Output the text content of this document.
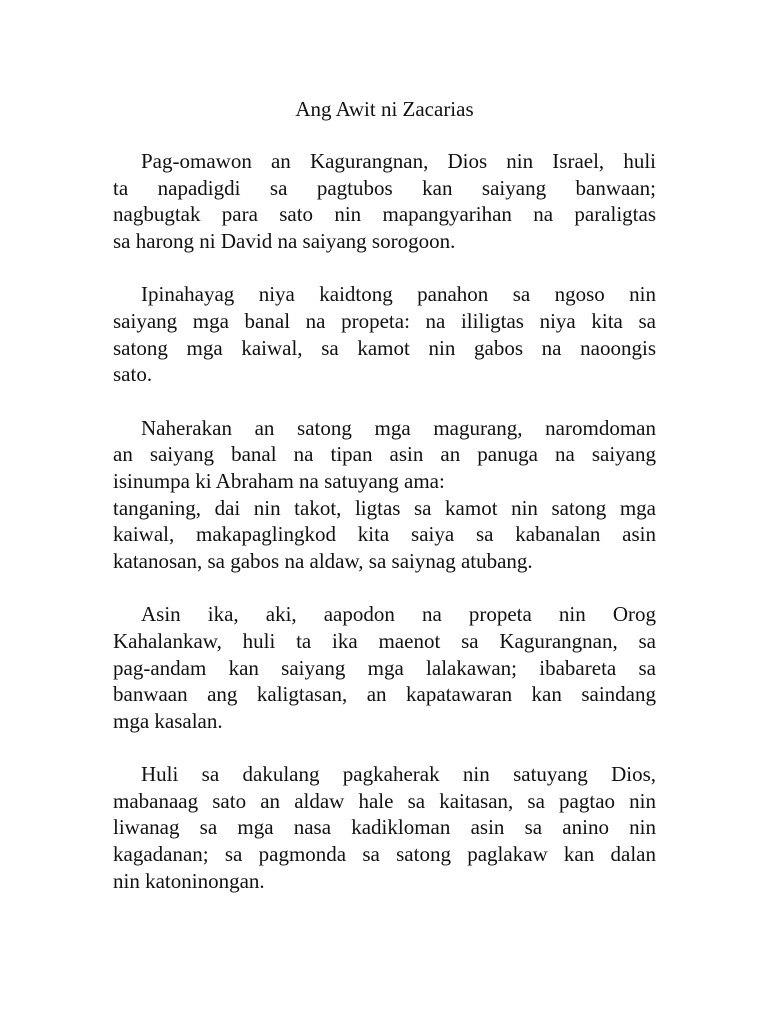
Ang Awit ni Zacarias
Pag-omawon an Kagurangnan, Dios nin Israel, huli
ta napadigdi sa pagtubos kan saiyang banwaan;
nagbugtak para sato nin mapangyarihan na paraligtas
sa harong ni David na saiyang sorogoon.
Ipinahayag niya kaidtong panahon sa ngoso nin
saiyang mga banal na propeta: na ililigtas niya kita sa
satong mga kaiwal, sa kamot nin gabos na naoongis
sato.
Naherakan an satong mga magurang, naromdoman
an saiyang banal na tipan asin an panuga na saiyang
isinumpa ki Abraham na satuyang ama:
tanganing, dai nin takot, ligtas sa kamot nin satong mga
kaiwal, makapaglingkod kita saiya sa kabanalan asin
katanosan, sa gabos na aldaw, sa saiynag atubang.
Asin ika, aki, aapodon na propeta nin Orog
Kahalankaw, huli ta ika maenot sa Kagurangnan, sa
pag-andam kan saiyang mga lalakawan; ibabareta sa
banwaan ang kaligtasan, an kapatawaran kan saindang
mga kasalan.
Huli sa dakulang pagkaherak nin satuyang Dios,
mabanaag sato an aldaw hale sa kaitasan, sa pagtao nin
liwanag sa mga nasa kadikloman asin sa anino nin
kagadanan; sa pagmonda sa satong paglakaw kan dalan
nin katoninongan.
